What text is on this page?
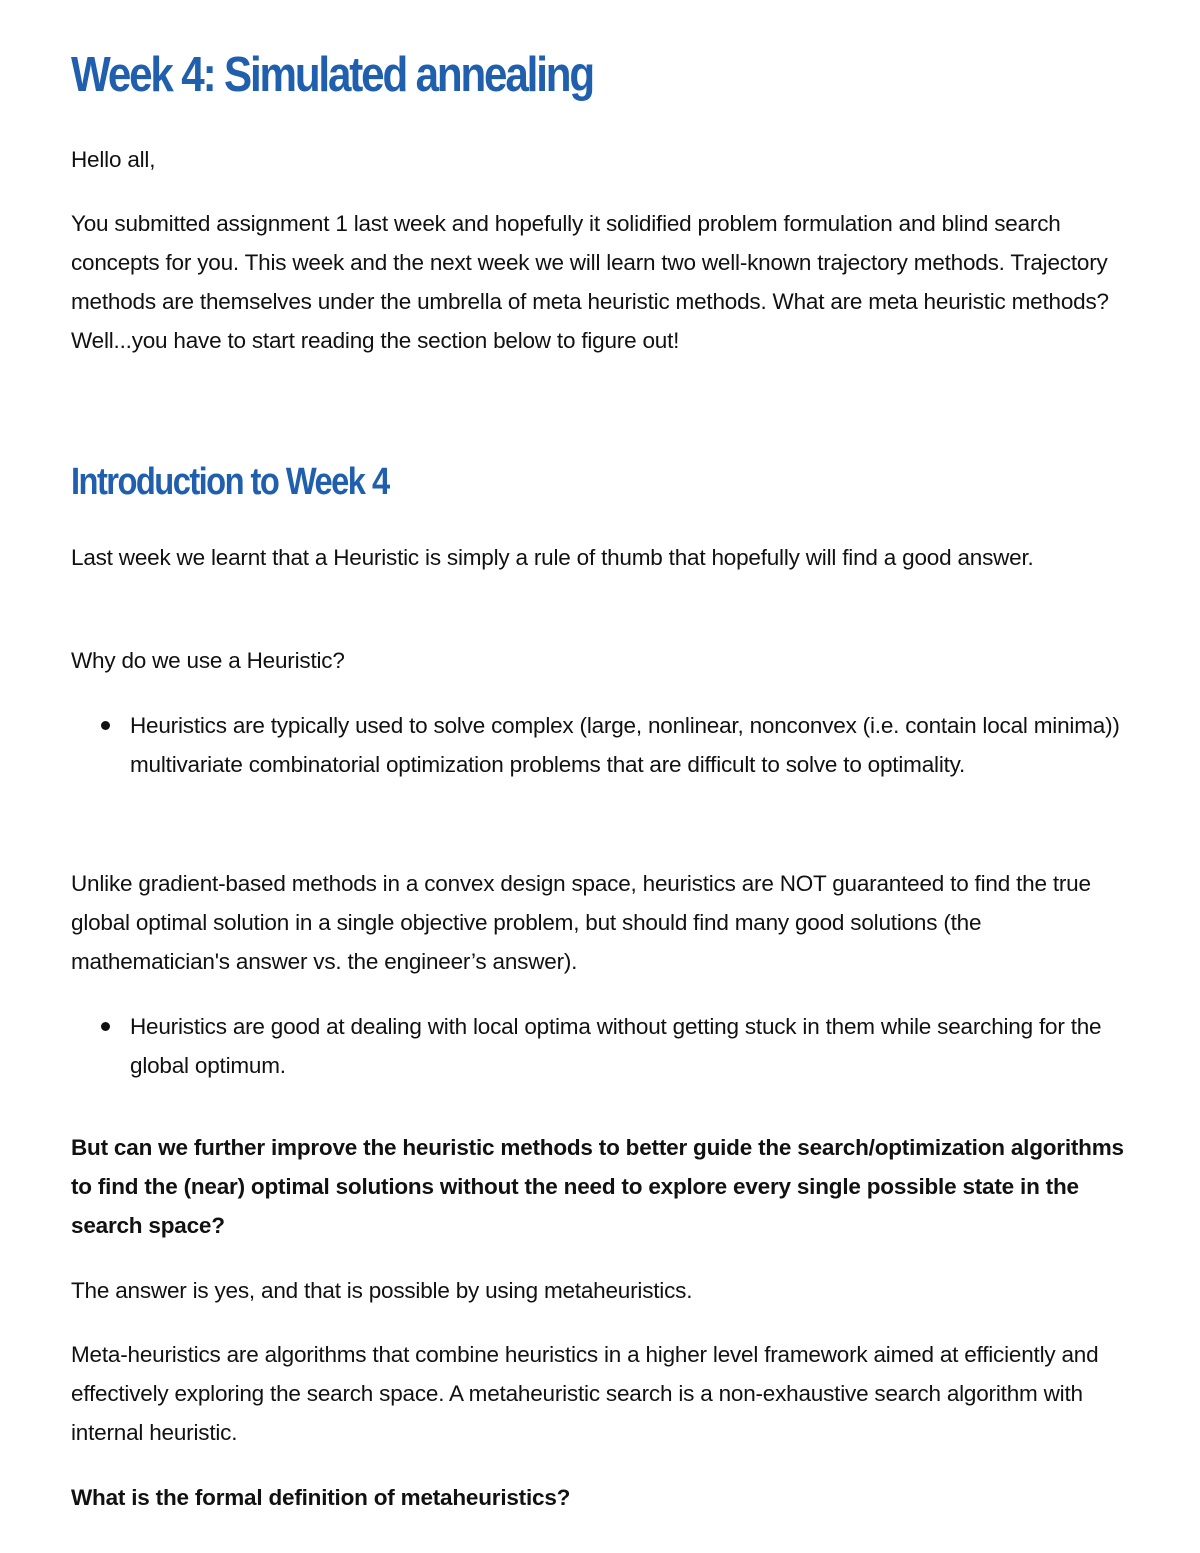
Week 4: Simulated annealing

Hello all,

You submitted assignment 1 last week and hopefully it solidified problem formulation and blind search concepts for you. This week and the next week we will learn two well-known trajectory methods. Trajectory methods are themselves under the umbrella of meta heuristic methods. What are meta heuristic methods? Well...you have to start reading the section below to figure out!

Introduction to Week 4

Last week we learnt that a Heuristic is simply a rule of thumb that hopefully will find a good answer.

Why do we use a Heuristic?

Heuristics are typically used to solve complex (large, nonlinear, nonconvex (i.e. contain local minima)) multivariate combinatorial optimization problems that are difficult to solve to optimality.

Unlike gradient-based methods in a convex design space, heuristics are NOT guaranteed to find the true global optimal solution in a single objective problem, but should find many good solutions (the mathematician's answer vs. the engineer’s answer).

Heuristics are good at dealing with local optima without getting stuck in them while searching for the global optimum.

But can we further improve the heuristic methods to better guide the search/optimization algorithms to find the (near) optimal solutions without the need to explore every single possible state in the search space?

The answer is yes, and that is possible by using metaheuristics.

Meta-heuristics are algorithms that combine heuristics in a higher level framework aimed at efficiently and effectively exploring the search space. A metaheuristic search is a non-exhaustive search algorithm with internal heuristic.

What is the formal definition of metaheuristics?
